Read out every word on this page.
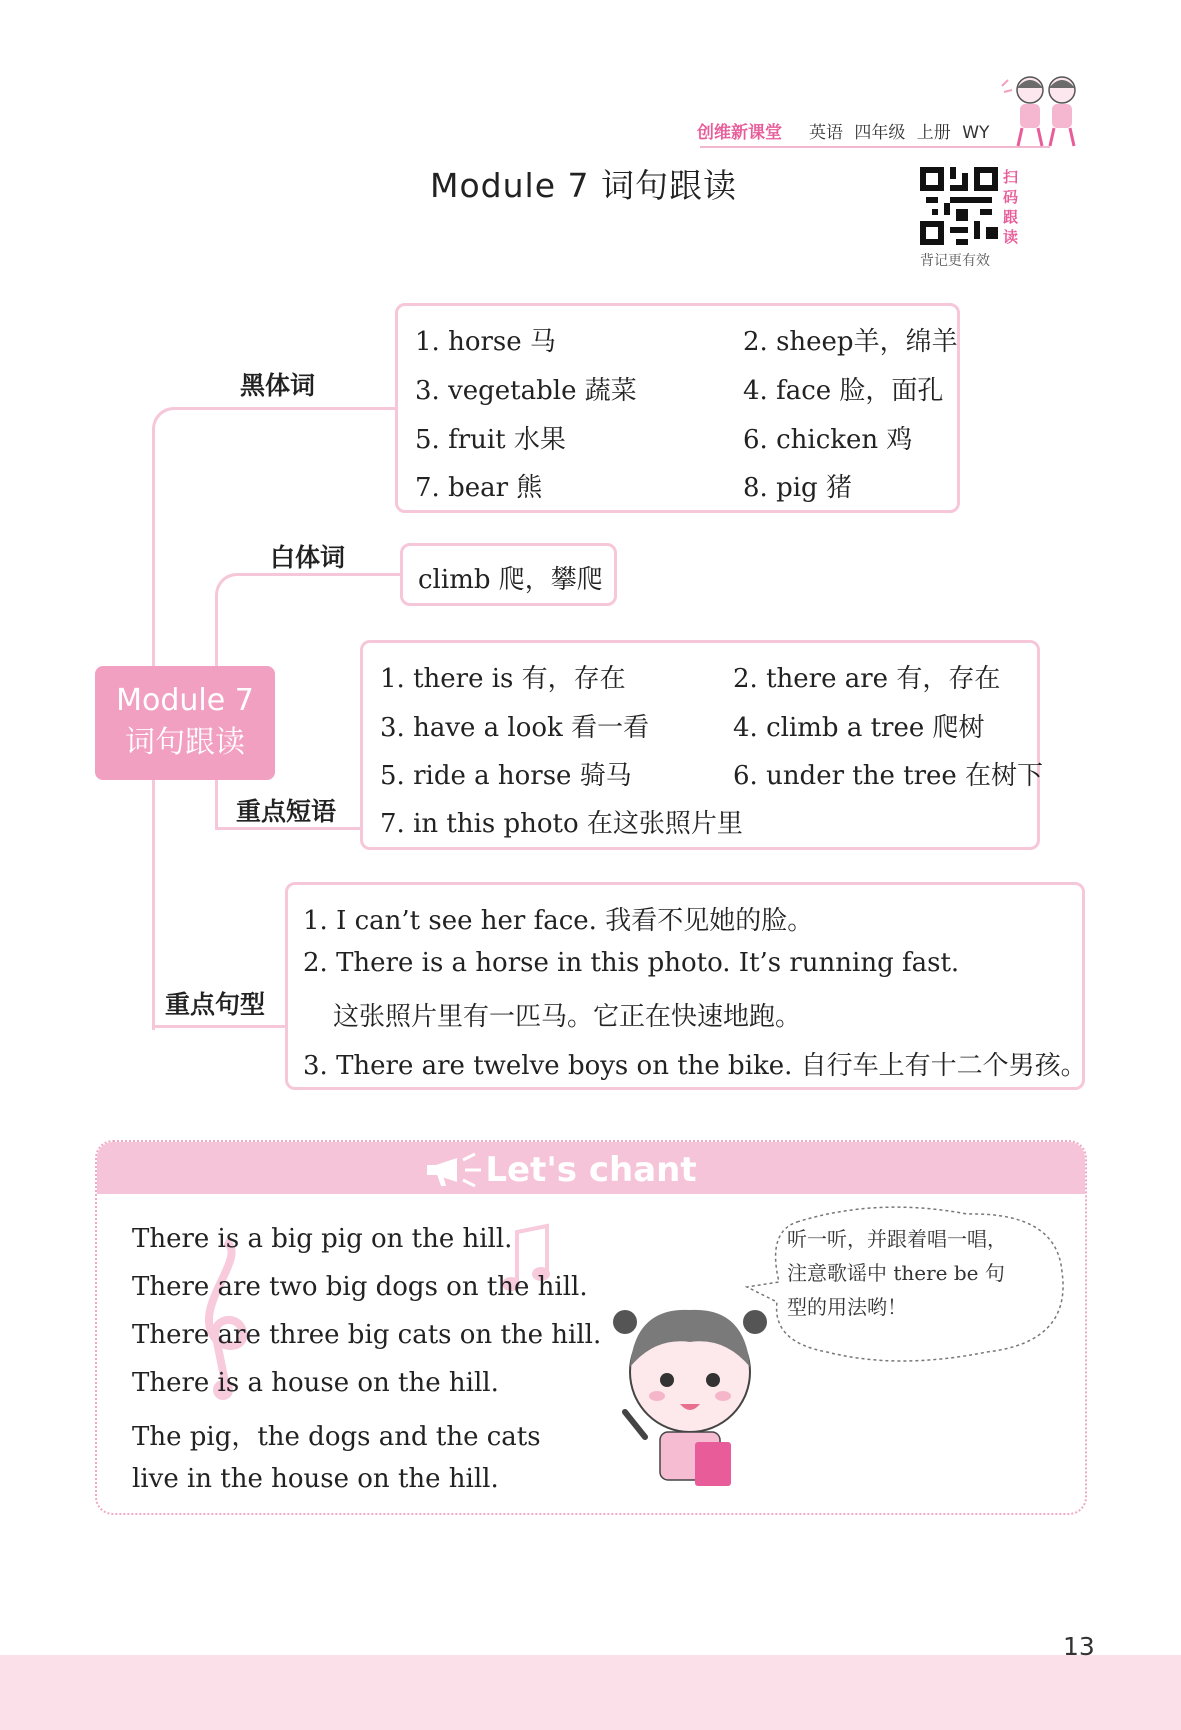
创维新课堂 英语 四年级 上册 WY
Module 7 词句跟读	扫码跟读
背记更有效
Module 7
词句跟读
黑体词
1. horse 马	2. sheep羊，绵羊
3. vegetable 蔬菜	4. face 脸，面孔
5. fruit 水果	6. chicken 鸡
7. bear 熊	8. pig 猪
白体词
climb 爬，攀爬
重点短语
1. there is 有，存在	2. there are 有，存在
3. have a look 看一看	4. climb a tree 爬树
5. ride a horse 骑马	6. under the tree 在树下
7. in this photo 在这张照片里
重点句型
1. I can’t see her face. 我看不见她的脸。
2. There is a horse in this photo. It’s running fast.
这张照片里有一匹马。它正在快速地跑。
3. There are twelve boys on the bike. 自行车上有十二个男孩。
Let's chant
There is a big pig on the hill.
There are two big dogs on the hill.
There are three big cats on the hill.
There is a house on the hill.
The pig，the dogs and the cats
live in the house on the hill.
听一听，并跟着唱一唱，
注意歌谣中 there be 句
型的用法哟！
13
